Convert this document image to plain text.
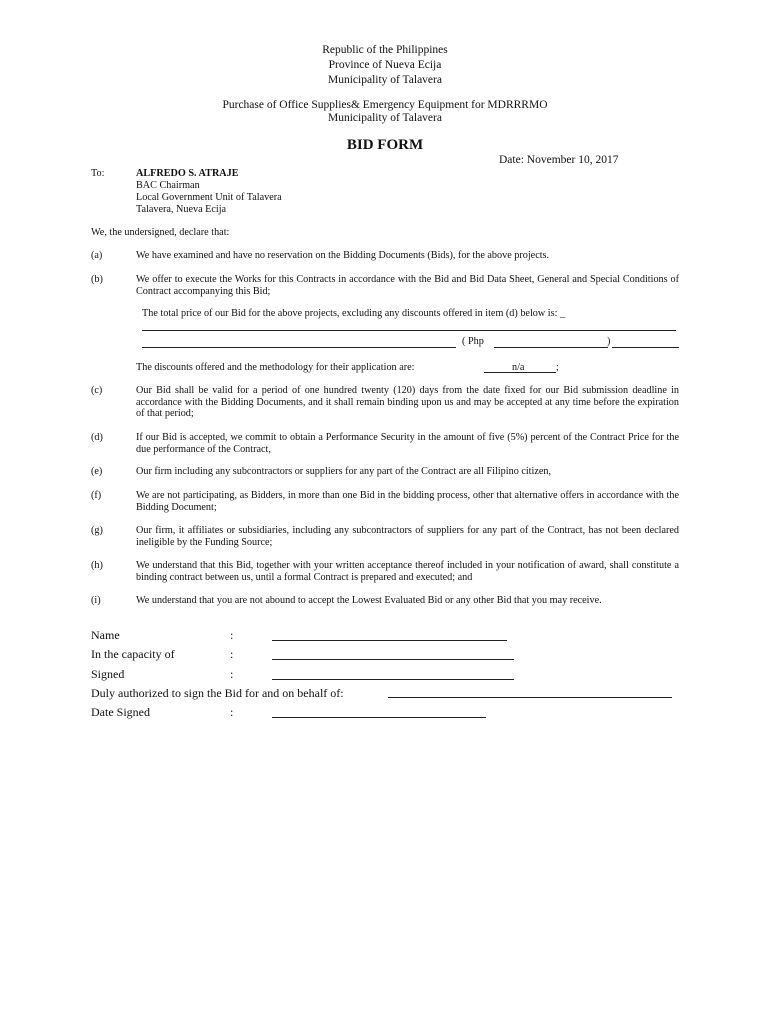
Republic of the Philippines
Province of Nueva Ecija
Municipality of Talavera
Purchase of Office Supplies& Emergency Equipment for MDRRRMO
Municipality of Talavera
BID FORM
Date: November 10, 2017
To:	ALFREDO S. ATRAJE
BAC Chairman
Local Government Unit of Talavera
Talavera, Nueva Ecija
We, the undersigned, declare that:
(a)	We have examined and have no reservation on the Bidding Documents (Bids), for the above projects.
(b)	We offer to execute the Works for this Contracts in accordance with the Bid and Bid Data Sheet, General and Special Conditions of Contract accompanying this Bid;
The total price of our Bid for the above projects, excluding any discounts offered in item (d) below is: _
( Php	)
The discounts offered and the methodology for their application are:	n/a	;
(c)	Our Bid shall be valid for a period of one hundred twenty (120) days from the date fixed for our Bid submission deadline in accordance with the Bidding Documents, and it shall remain binding upon us and may be accepted at any time before the expiration of that period;
(d)	If our Bid is accepted, we commit to obtain a Performance Security in the amount of five (5%) percent of the Contract Price for the due performance of the Contract,
(e)	Our firm including any subcontractors or suppliers for any part of the Contract are all Filipino citizen,
(f)	We are not participating, as Bidders, in more than one Bid in the bidding process, other that alternative offers in accordance with the Bidding Document;
(g)	Our firm, it affiliates or subsidiaries, including any subcontractors of suppliers for any part of the Contract, has not been declared ineligible by the Funding Source;
(h)	We understand that this Bid, together with your written acceptance thereof included in your notification of award, shall constitute a binding contract between us, until a formal Contract is prepared and executed; and
(i)	We understand that you are not abound to accept the Lowest Evaluated Bid or any other Bid that you may receive.
Name	:
In the capacity of	:
Signed	:
Duly authorized to sign the Bid for and on behalf of:
Date Signed	:
